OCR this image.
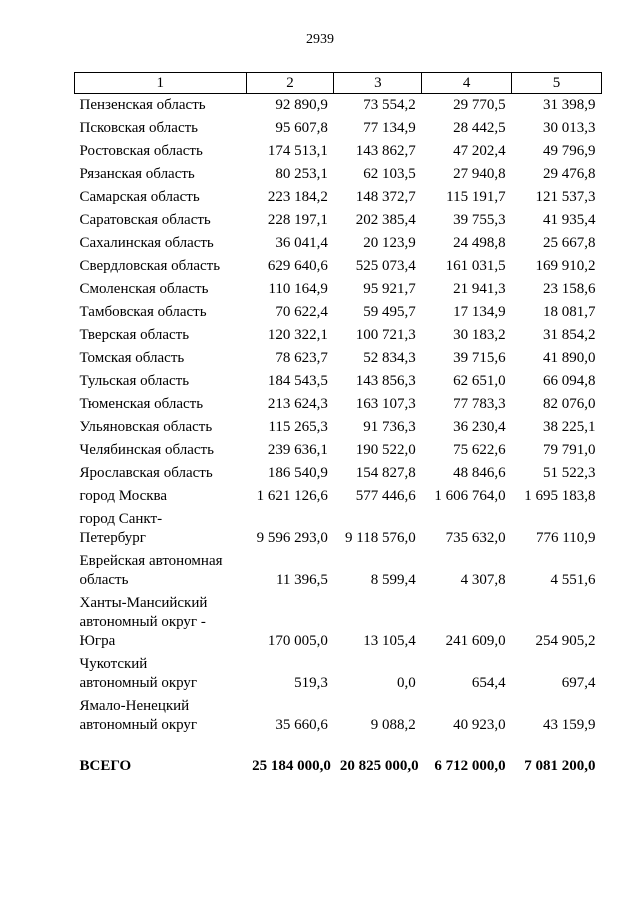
2939
1	2	3	4	5
Пензенская область	92 890,9	73 554,2	29 770,5	31 398,9
Псковская область	95 607,8	77 134,9	28 442,5	30 013,3
Ростовская область	174 513,1	143 862,7	47 202,4	49 796,9
Рязанская область	80 253,1	62 103,5	27 940,8	29 476,8
Самарская область	223 184,2	148 372,7	115 191,7	121 537,3
Саратовская область	228 197,1	202 385,4	39 755,3	41 935,4
Сахалинская область	36 041,4	20 123,9	24 498,8	25 667,8
Свердловская область	629 640,6	525 073,4	161 031,5	169 910,2
Смоленская область	110 164,9	95 921,7	21 941,3	23 158,6
Тамбовская область	70 622,4	59 495,7	17 134,9	18 081,7
Тверская область	120 322,1	100 721,3	30 183,2	31 854,2
Томская область	78 623,7	52 834,3	39 715,6	41 890,0
Тульская область	184 543,5	143 856,3	62 651,0	66 094,8
Тюменская область	213 624,3	163 107,3	77 783,3	82 076,0
Ульяновская область	115 265,3	91 736,3	36 230,4	38 225,1
Челябинская область	239 636,1	190 522,0	75 622,6	79 791,0
Ярославская область	186 540,9	154 827,8	48 846,6	51 522,3
город Москва	1 621 126,6	577 446,6	1 606 764,0	1 695 183,8
город Санкт-
Петербург	9 596 293,0	9 118 576,0	735 632,0	776 110,9
Еврейская автономная
область	11 396,5	8 599,4	4 307,8	4 551,6
Ханты-Мансийский
автономный округ -
Югра	170 005,0	13 105,4	241 609,0	254 905,2
Чукотский
автономный округ	519,3	0,0	654,4	697,4
Ямало-Ненецкий
автономный округ	35 660,6	9 088,2	40 923,0	43 159,9

ВСЕГО	25 184 000,0	20 825 000,0	6 712 000,0	7 081 200,0
